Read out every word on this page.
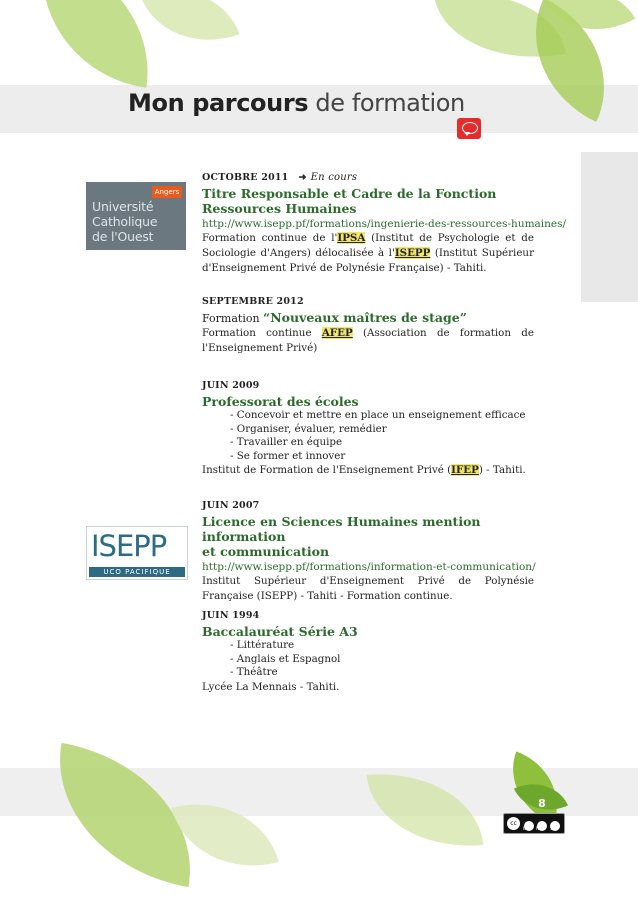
Mon parcours de formation
Angers
Université
Catholique
de l'Ouest
ISEPP
UCO PACIFIQUE
OCTOBRE 2011 ➜ En cours
Titre Responsable et Cadre de la Fonction Ressources Humaines
http://www.isepp.pf/formations/ingenierie-des-ressources-humaines/
Formation continue de l'IPSA (Institut de Psychologie et de Sociologie d'Angers) délocalisée à l'ISEPP (Institut Supérieur d'Enseignement Privé de Polynésie Française) - Tahiti.
SEPTEMBRE 2012
Formation “Nouveaux maîtres de stage”
Formation continue AFEP (Association de formation de l'Enseignement Privé)
JUIN 2009
Professorat des écoles
- Concevoir et mettre en place un enseignement efficace
- Organiser, évaluer, remédier
- Travailler en équipe
- Se former et innover
Institut de Formation de l'Enseignement Privé (IFEP) - Tahiti.
JUIN 2007
Licence en Sciences Humaines mention information
et communication
http://www.isepp.pf/formations/information-et-communication/
Institut Supérieur d'Enseignement Privé de Polynésie Française (ISEPP) - Tahiti - Formation continue.
JUIN 1994
Baccalauréat Série A3
- Littérature
- Anglais et Espagnol
- Théâtre
Lycée La Mennais - Tahiti.
8
cc
BY NC SA
